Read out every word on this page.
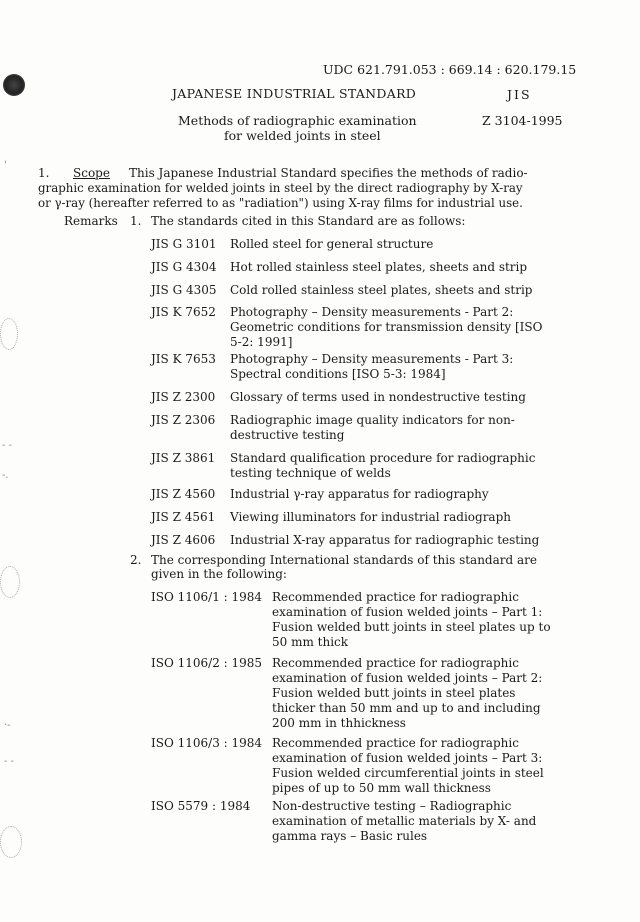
'
- -
-.
·-
- -
UDC 621.791.053 : 669.14 : 620.179.15
JAPANESE INDUSTRIAL STANDARD	JIS
Methods of radiographic examination	Z 3104-1995
for welded joints in steel
1. Scope This Japanese Industrial Standard specifies the methods of radio-
graphic examination for welded joints in steel by the direct radiography by X-ray
or γ-ray (hereafter referred to as "radiation") using X-ray films for industrial use.
Remarks 1. The standards cited in this Standard are as follows:
JIS G 3101 Rolled steel for general structure
JIS G 4304 Hot rolled stainless steel plates, sheets and strip
JIS G 4305 Cold rolled stainless steel plates, sheets and strip
JIS K 7652 Photography – Density measurements - Part 2:
Geometric conditions for transmission density [ISO
5-2: 1991]
JIS K 7653 Photography – Density measurements - Part 3:
Spectral conditions [ISO 5-3: 1984]
JIS Z 2300 Glossary of terms used in nondestructive testing
JIS Z 2306 Radiographic image quality indicators for non-
destructive testing
JIS Z 3861 Standard qualification procedure for radiographic
testing technique of welds
JIS Z 4560 Industrial γ-ray apparatus for radiography
JIS Z 4561 Viewing illuminators for industrial radiograph
JIS Z 4606 Industrial X-ray apparatus for radiographic testing
2. The corresponding International standards of this standard are
given in the following:
ISO 1106/1 : 1984 Recommended practice for radiographic
examination of fusion welded joints – Part 1:
Fusion welded butt joints in steel plates up to
50 mm thick
ISO 1106/2 : 1985 Recommended practice for radiographic
examination of fusion welded joints – Part 2:
Fusion welded butt joints in steel plates
thicker than 50 mm and up to and including
200 mm in thhickness
ISO 1106/3 : 1984 Recommended practice for radiographic
examination of fusion welded joints – Part 3:
Fusion welded circumferential joints in steel
pipes of up to 50 mm wall thickness
ISO 5579 : 1984 Non-destructive testing – Radiographic
examination of metallic materials by X- and
gamma rays – Basic rules
